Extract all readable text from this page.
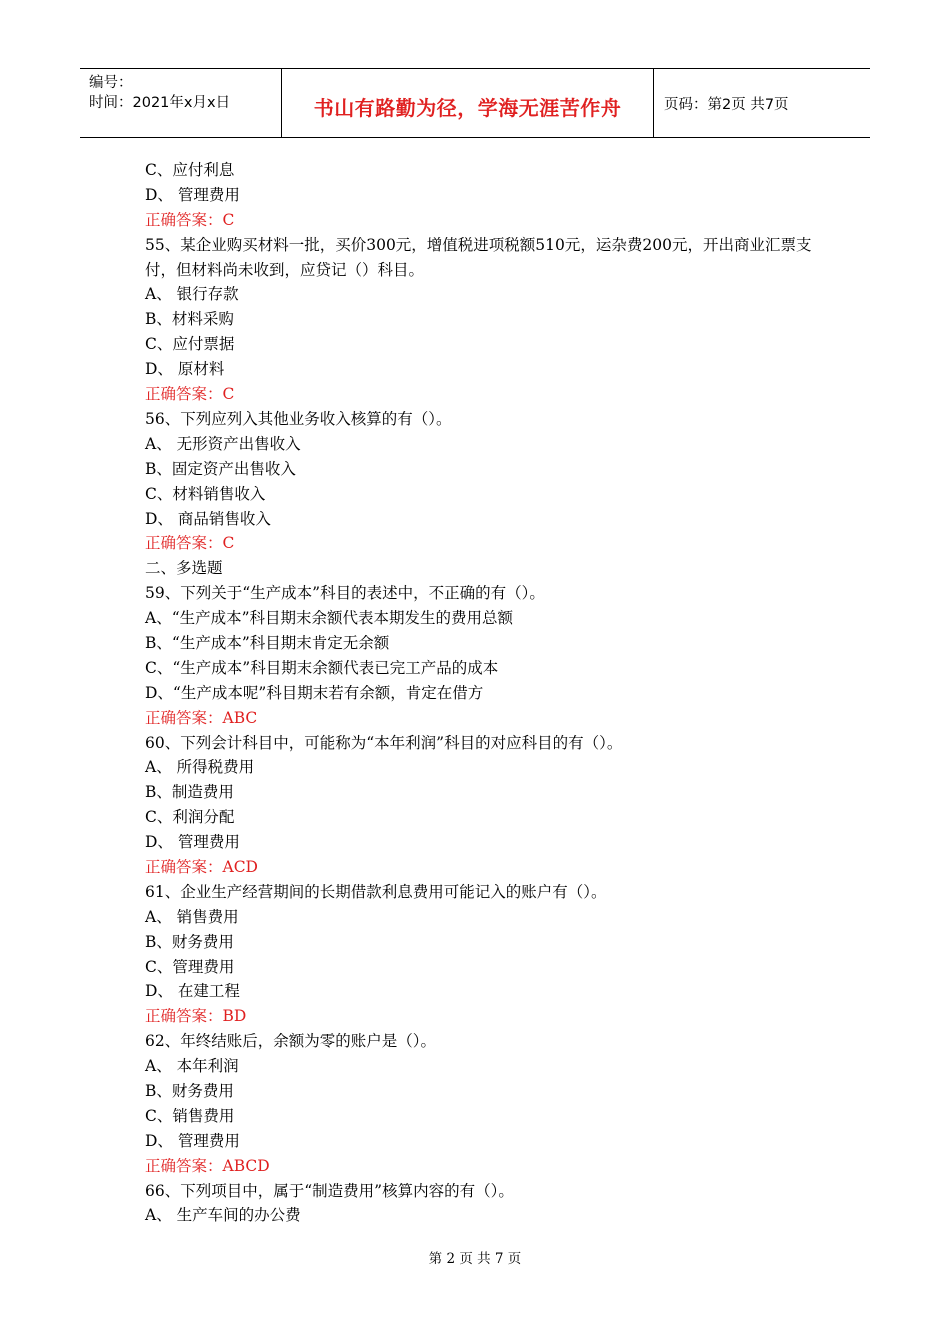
编号：
时间：2021年x月x日	书山有路勤为径，学海无涯苦作舟	页码：第2页 共7页
C、应付利息
D、 管理费用
正确答案：C
55、某企业购买材料一批，买价300元，增值税进项税额510元，运杂费200元，开出商业汇票支付，但材料尚未收到，应贷记（）科目。
A、 银行存款
B、材料采购
C、应付票据
D、 原材料
正确答案：C
56、下列应列入其他业务收入核算的有（）。
A、 无形资产出售收入
B、固定资产出售收入
C、材料销售收入
D、 商品销售收入
正确答案：C
二、多选题
59、下列关于“生产成本”科目的表述中，不正确的有（）。
A、“生产成本”科目期末余额代表本期发生的费用总额
B、“生产成本”科目期末肯定无余额
C、“生产成本”科目期末余额代表已完工产品的成本
D、“生产成本呢”科目期末若有余额，肯定在借方
正确答案：ABC
60、下列会计科目中，可能称为“本年利润”科目的对应科目的有（）。
A、 所得税费用
B、制造费用
C、利润分配
D、 管理费用
正确答案：ACD
61、企业生产经营期间的长期借款利息费用可能记入的账户有（）。
A、 销售费用
B、财务费用
C、管理费用
D、 在建工程
正确答案：BD
62、年终结账后，余额为零的账户是（）。
A、 本年利润
B、财务费用
C、销售费用
D、 管理费用
正确答案：ABCD
66、下列项目中，属于“制造费用”核算内容的有（）。
A、 生产车间的办公费
第 2 页 共 7 页
